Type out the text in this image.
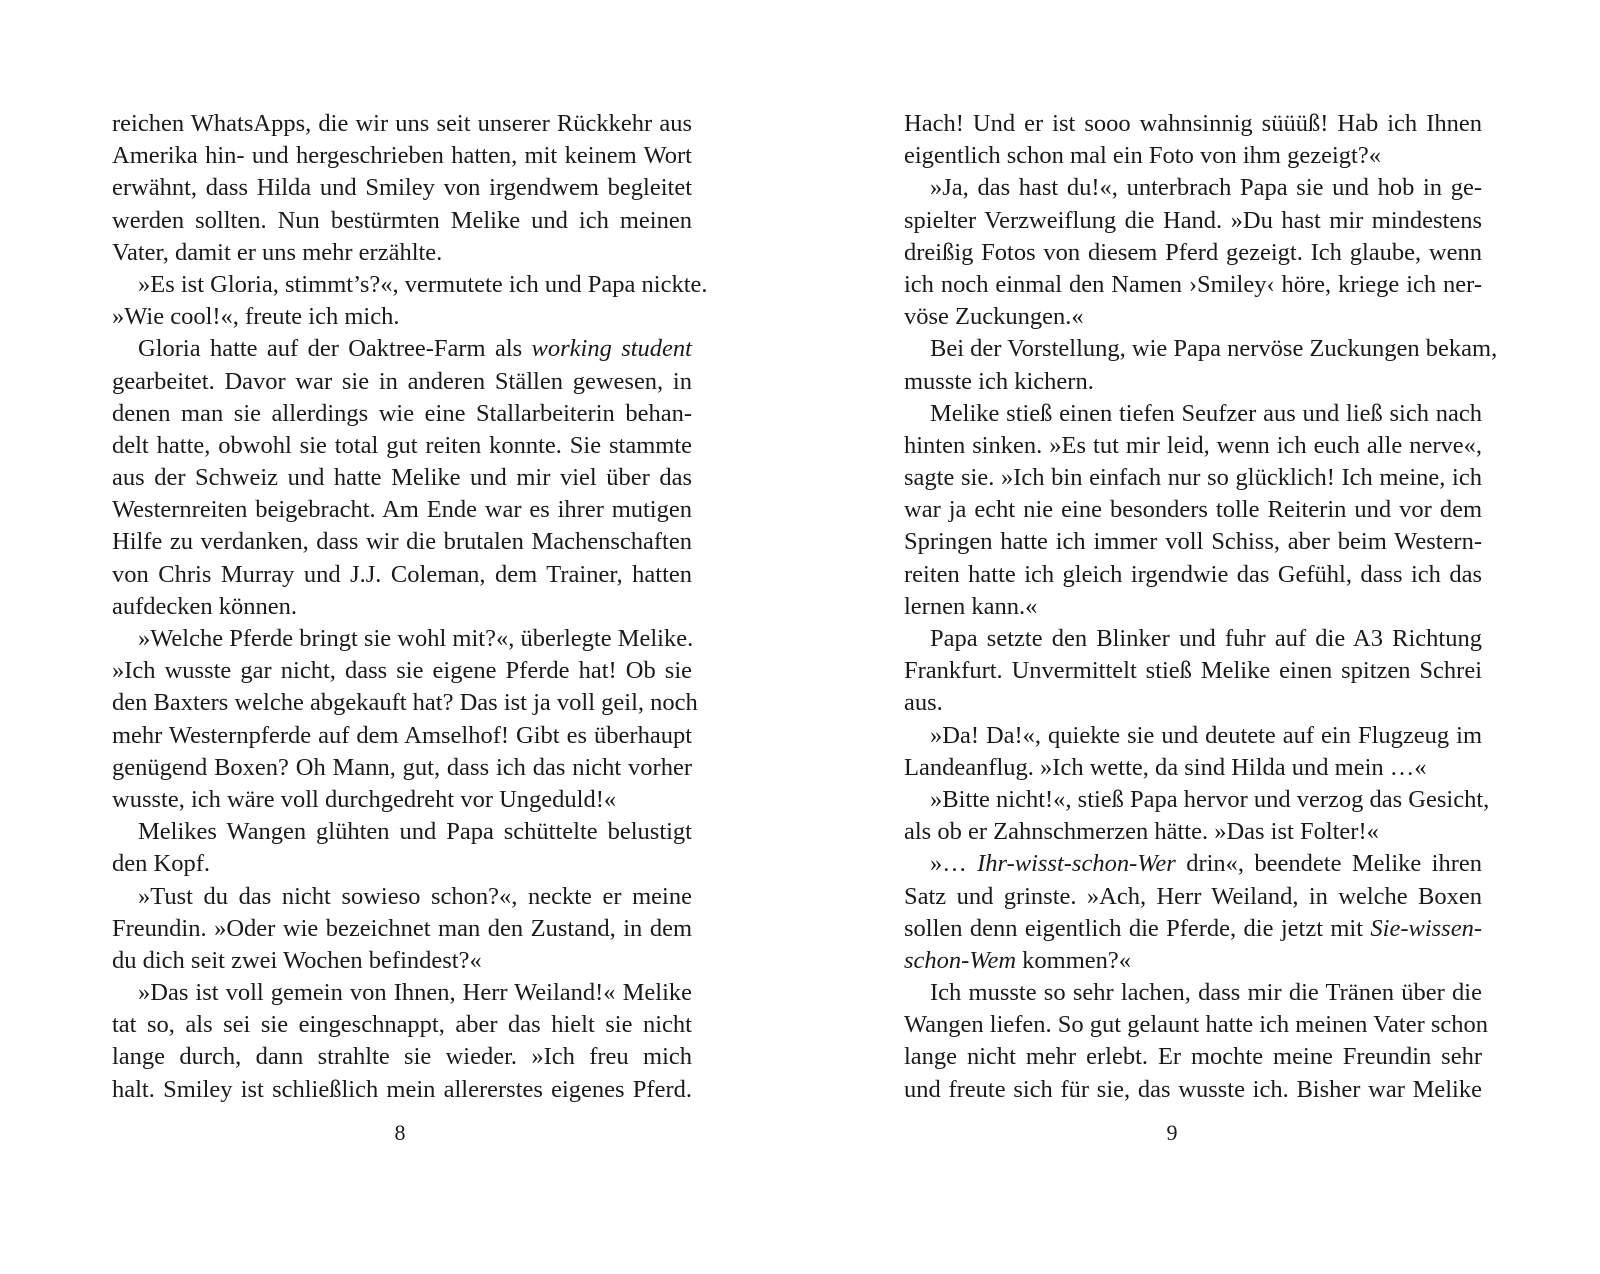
reichen WhatsApps, die wir uns seit unserer Rückkehr aus
Amerika hin- und hergeschrieben hatten, mit keinem Wort
erwähnt, dass Hilda und Smiley von irgendwem begleitet
werden sollten. Nun bestürmten Melike und ich meinen
Vater, damit er uns mehr erzählte.
»Es ist Gloria, stimmt’s?«, vermutete ich und Papa nickte.
»Wie cool!«, freute ich mich.
Gloria hatte auf der Oaktree-Farm als working student
gearbeitet. Davor war sie in anderen Ställen gewesen, in
denen man sie allerdings wie eine Stallarbeiterin behan-
delt hatte, obwohl sie total gut reiten konnte. Sie stammte
aus der Schweiz und hatte Melike und mir viel über das
Westernreiten beigebracht. Am Ende war es ihrer mutigen
Hilfe zu verdanken, dass wir die brutalen Machenschaften
von Chris Murray und J.J. Coleman, dem Trainer, hatten
aufdecken können.
»Welche Pferde bringt sie wohl mit?«, überlegte Melike.
»Ich wusste gar nicht, dass sie eigene Pferde hat! Ob sie
den Baxters welche abgekauft hat? Das ist ja voll geil, noch
mehr Westernpferde auf dem Amselhof! Gibt es überhaupt
genügend Boxen? Oh Mann, gut, dass ich das nicht vorher
wusste, ich wäre voll durchgedreht vor Ungeduld!«
Melikes Wangen glühten und Papa schüttelte belustigt
den Kopf.
»Tust du das nicht sowieso schon?«, neckte er meine
Freundin. »Oder wie bezeichnet man den Zustand, in dem
du dich seit zwei Wochen befindest?«
»Das ist voll gemein von Ihnen, Herr Weiland!« Melike
tat so, als sei sie eingeschnappt, aber das hielt sie nicht
lange durch, dann strahlte sie wieder. »Ich freu mich
halt. Smiley ist schließlich mein allererstes eigenes Pferd.
8
Hach! Und er ist sooo wahnsinnig süüüß! Hab ich Ihnen
eigentlich schon mal ein Foto von ihm gezeigt?«
»Ja, das hast du!«, unterbrach Papa sie und hob in ge-
spielter Verzweiflung die Hand. »Du hast mir mindestens
dreißig Fotos von diesem Pferd gezeigt. Ich glaube, wenn
ich noch einmal den Namen ›Smiley‹ höre, kriege ich ner-
vöse Zuckungen.«
Bei der Vorstellung, wie Papa nervöse Zuckungen bekam,
musste ich kichern.
Melike stieß einen tiefen Seufzer aus und ließ sich nach
hinten sinken. »Es tut mir leid, wenn ich euch alle nerve«,
sagte sie. »Ich bin einfach nur so glücklich! Ich meine, ich
war ja echt nie eine besonders tolle Reiterin und vor dem
Springen hatte ich immer voll Schiss, aber beim Western-
reiten hatte ich gleich irgendwie das Gefühl, dass ich das
lernen kann.«
Papa setzte den Blinker und fuhr auf die A3 Richtung
Frankfurt. Unvermittelt stieß Melike einen spitzen Schrei
aus.
»Da! Da!«, quiekte sie und deutete auf ein Flugzeug im
Landeanflug. »Ich wette, da sind Hilda und mein …«
»Bitte nicht!«, stieß Papa hervor und verzog das Gesicht,
als ob er Zahnschmerzen hätte. »Das ist Folter!«
»… Ihr-wisst-schon-Wer drin«, beendete Melike ihren
Satz und grinste. »Ach, Herr Weiland, in welche Boxen
sollen denn eigentlich die Pferde, die jetzt mit Sie-wissen-
schon-Wem kommen?«
Ich musste so sehr lachen, dass mir die Tränen über die
Wangen liefen. So gut gelaunt hatte ich meinen Vater schon
lange nicht mehr erlebt. Er mochte meine Freundin sehr
und freute sich für sie, das wusste ich. Bisher war Melike
9
